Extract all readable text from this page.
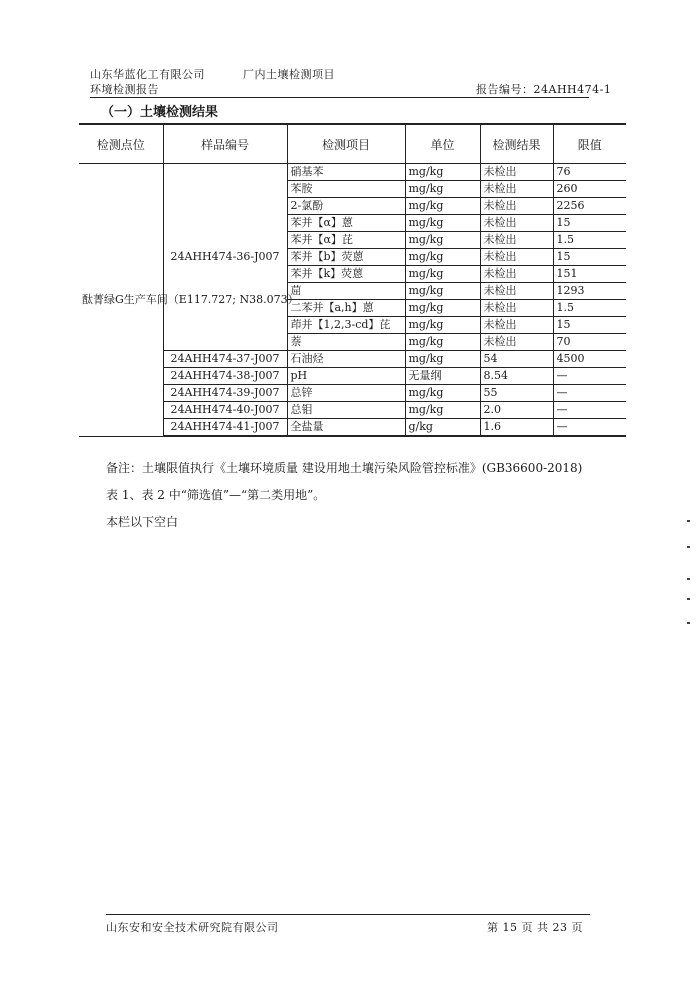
山东华蓝化工有限公司	厂内土壤检测项目
环境检测报告	报告编号：24AHH474-1
（一）土壤检测结果
检测点位	样品编号	检测项目	单位	检测结果	限值
酞菁绿G生产车间（E117.727; N38.073）	24AHH474-36-J007	硝基苯	mg/kg	未检出	76
		苯胺	mg/kg	未检出	260
		2-氯酚	mg/kg	未检出	2256
		苯并【α】蒽	mg/kg	未检出	15
		苯并【α】芘	mg/kg	未检出	1.5
		苯并【b】荧蒽	mg/kg	未检出	15
		苯并【k】荧蒽	mg/kg	未检出	151
		䓛	mg/kg	未检出	1293
		二苯并【a,h】蒽	mg/kg	未检出	1.5
		茚并【1,2,3-cd】芘	mg/kg	未检出	15
		萘	mg/kg	未检出	70
	24AHH474-37-J007	石油烃	mg/kg	54	4500
	24AHH474-38-J007	pH	无量纲	8.54	—
	24AHH474-39-J007	总锌	mg/kg	55	—
	24AHH474-40-J007	总钼	mg/kg	2.0	—
	24AHH474-41-J007	全盐量	g/kg	1.6	—
备注：土壤限值执行《土壤环境质量 建设用地土壤污染风险管控标准》(GB36600-2018)
表 1、表 2 中“筛选值”—“第二类用地”。
本栏以下空白
山东安和安全技术研究院有限公司	第 15 页 共 23 页
